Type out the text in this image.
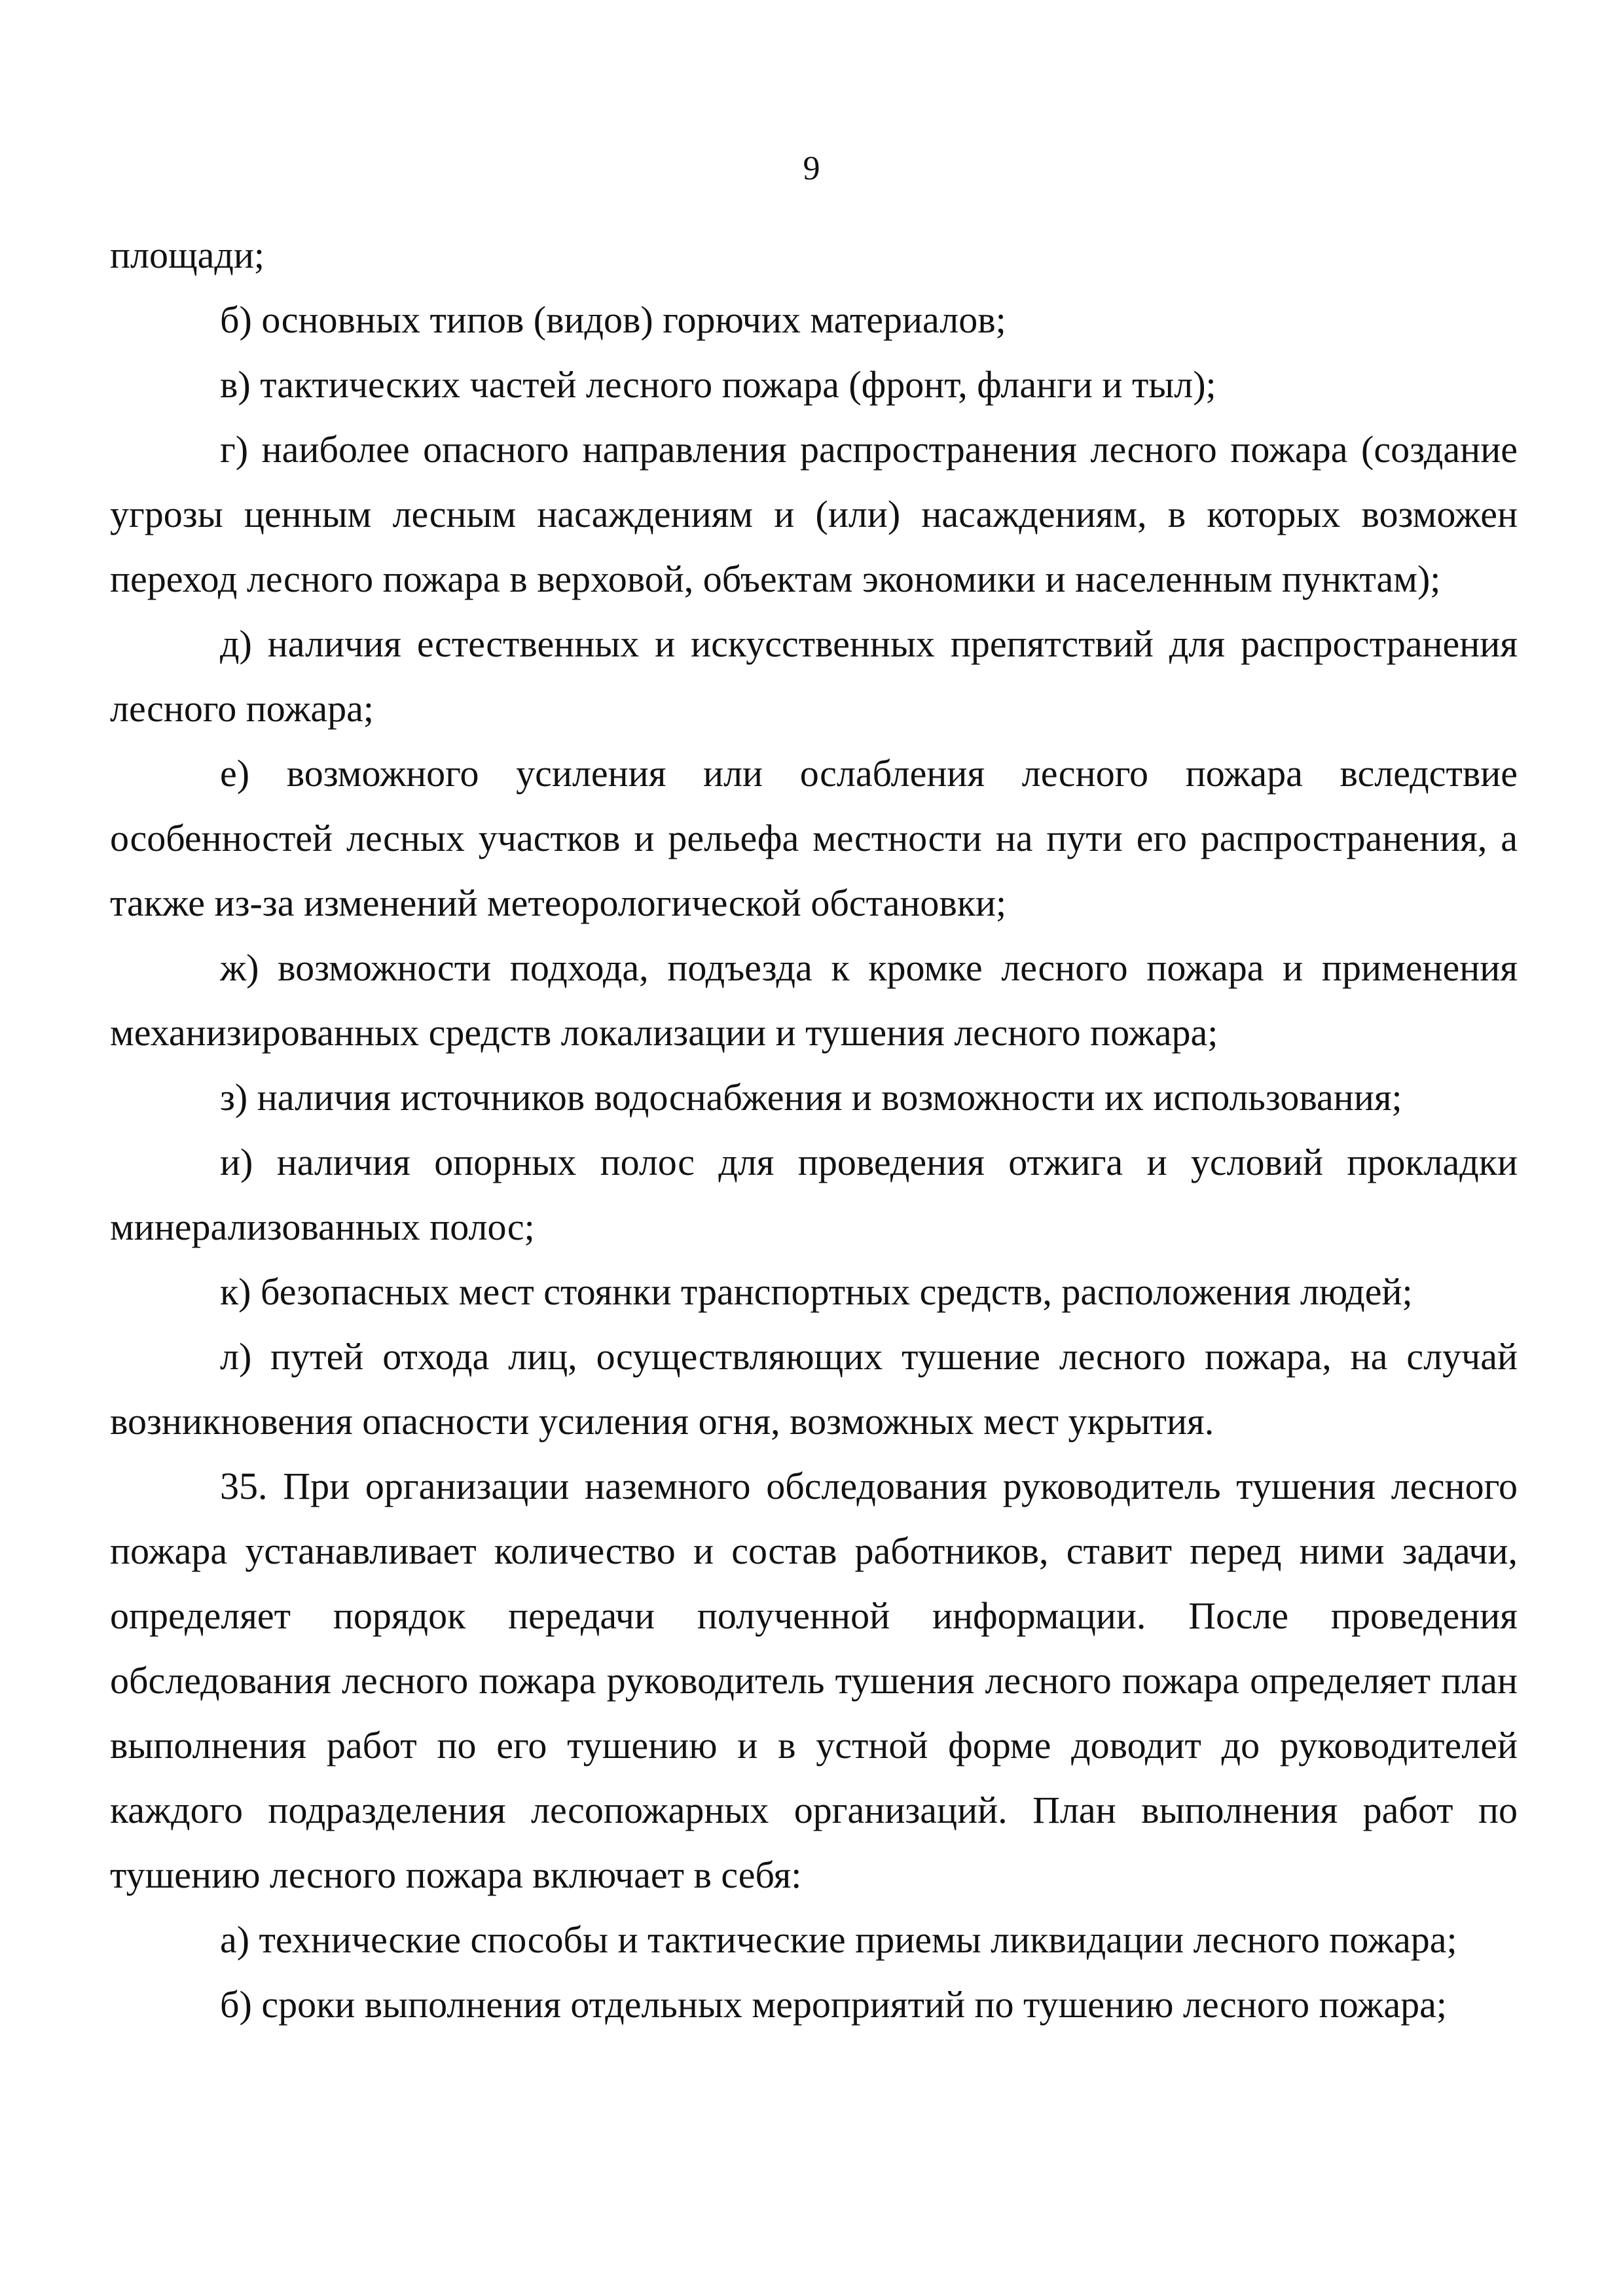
9

площади;

б) основных типов (видов) горючих материалов;

в) тактических частей лесного пожара (фронт, фланги и тыл);

г) наиболее опасного направления распространения лесного пожара (создание угрозы ценным лесным насаждениям и (или) насаждениям, в которых возможен переход лесного пожара в верховой, объектам экономики и населенным пунктам);

д) наличия естественных и искусственных препятствий для распространения лесного пожара;

е) возможного усиления или ослабления лесного пожара вследствие особенностей лесных участков и рельефа местности на пути его распространения, а также из-за изменений метеорологической обстановки;

ж) возможности подхода, подъезда к кромке лесного пожара и применения механизированных средств локализации и тушения лесного пожара;

з) наличия источников водоснабжения и возможности их использования;

и) наличия опорных полос для проведения отжига и условий прокладки минерализованных полос;

к) безопасных мест стоянки транспортных средств, расположения людей;

л) путей отхода лиц, осуществляющих тушение лесного пожара, на случай возникновения опасности усиления огня, возможных мест укрытия.

35. При организации наземного обследования руководитель тушения лесного пожара устанавливает количество и состав работников, ставит перед ними задачи, определяет порядок передачи полученной информации. После проведения обследования лесного пожара руководитель тушения лесного пожара определяет план выполнения работ по его тушению и в устной форме доводит до руководителей каждого подразделения лесопожарных организаций. План выполнения работ по тушению лесного пожара включает в себя:

а) технические способы и тактические приемы ликвидации лесного пожара;

б) сроки выполнения отдельных мероприятий по тушению лесного пожара;
